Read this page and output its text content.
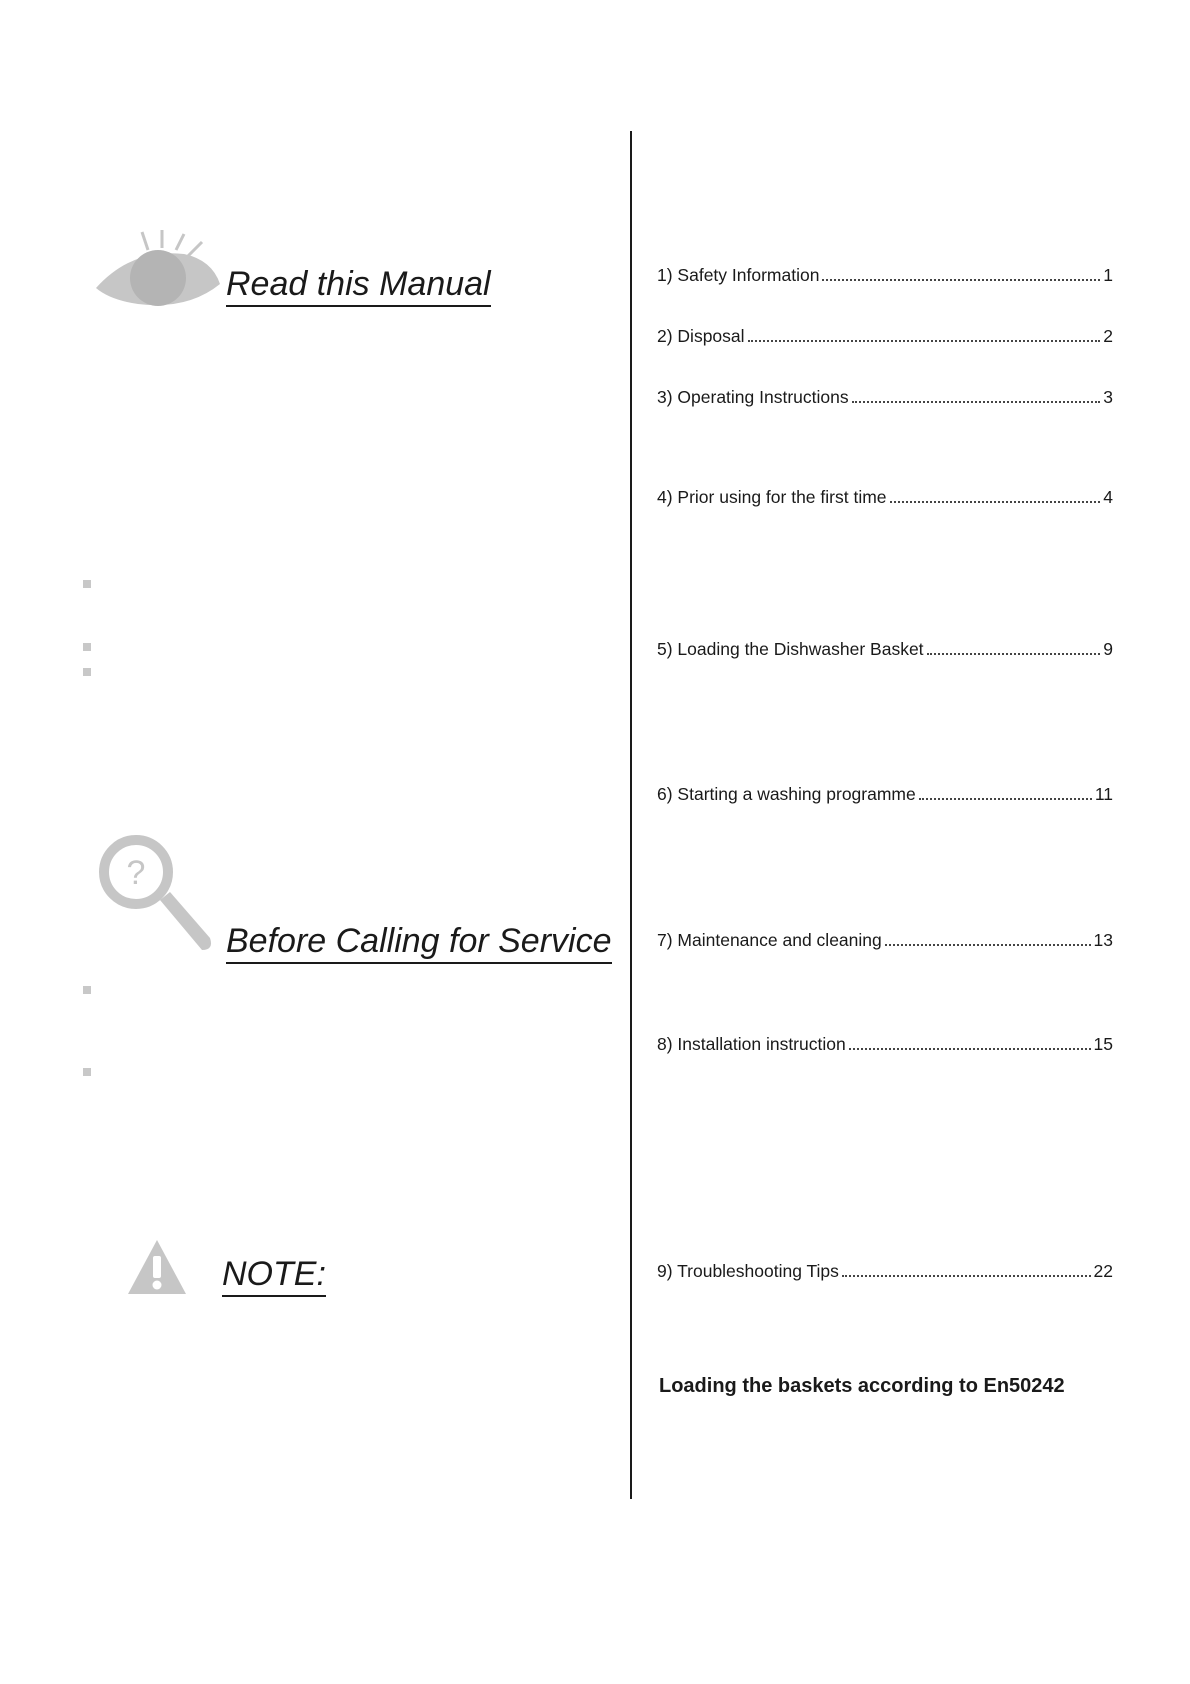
Read this Manual
?
Before Calling for Service
NOTE:
1) Safety Information	1
2) Disposal	2
3) Operating Instructions	3
4) Prior using for the first time	4
5) Loading the Dishwasher Basket	9
6) Starting a washing programme	11
7) Maintenance and cleaning	13
8) Installation instruction	15
9) Troubleshooting Tips	22
Loading the baskets according to En50242
